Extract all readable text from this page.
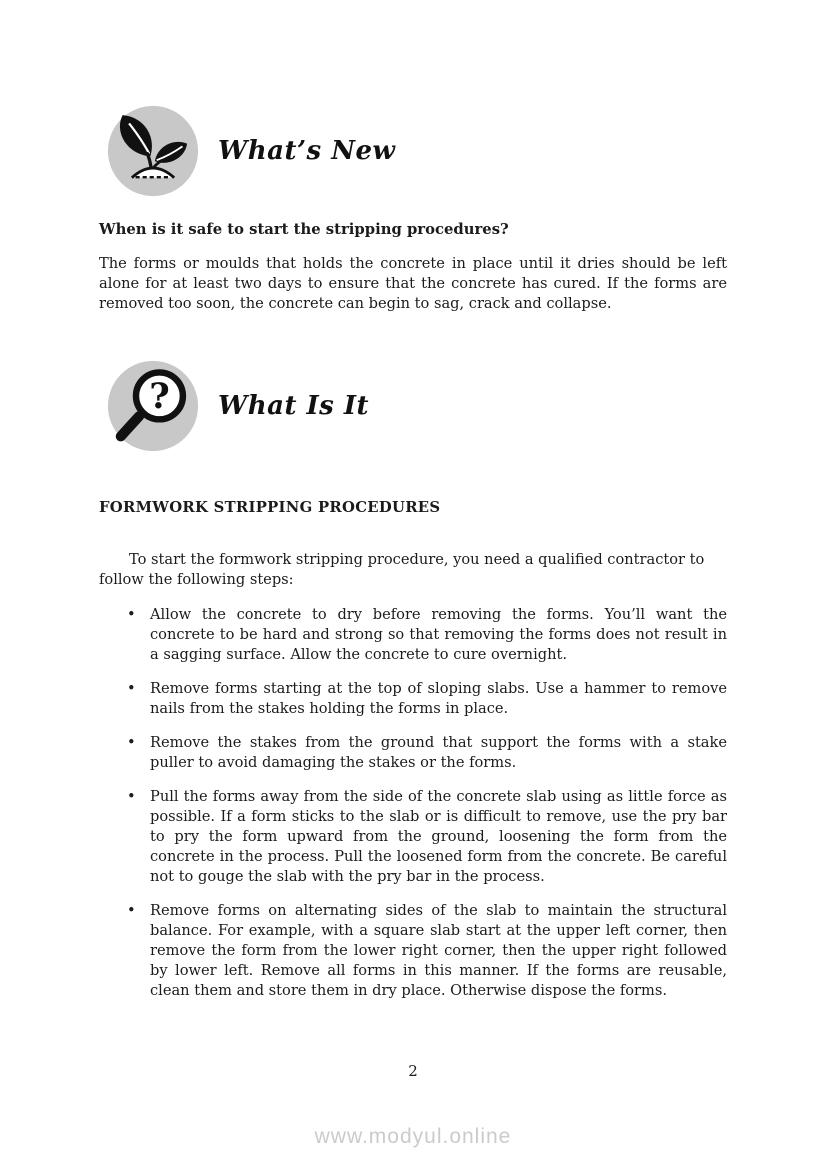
What’s New
When is it safe to start the stripping procedures?
The forms or moulds that holds the concrete in place until it dries should be left alone for at least two days to ensure that the concrete has cured. If the forms are removed too soon, the concrete can begin to sag, crack and collapse.
? What Is It
FORMWORK STRIPPING PROCEDURES
To start the formwork stripping procedure, you need a qualified contractor to follow the following steps:
• Allow the concrete to dry before removing the forms. You’ll want the concrete to be hard and strong so that removing the forms does not result in a sagging surface. Allow the concrete to cure overnight.
• Remove forms starting at the top of sloping slabs. Use a hammer to remove nails from the stakes holding the forms in place.
• Remove the stakes from the ground that support the forms with a stake puller to avoid damaging the stakes or the forms.
• Pull the forms away from the side of the concrete slab using as little force as possible. If a form sticks to the slab or is difficult to remove, use the pry bar to pry the form upward from the ground, loosening the form from the concrete in the process. Pull the loosened form from the concrete. Be careful not to gouge the slab with the pry bar in the process.
• Remove forms on alternating sides of the slab to maintain the structural balance. For example, with a square slab start at the upper left corner, then remove the form from the lower right corner, then the upper right followed by lower left. Remove all forms in this manner. If the forms are reusable, clean them and store them in dry place. Otherwise dispose the forms.
2
www.modyul.online
